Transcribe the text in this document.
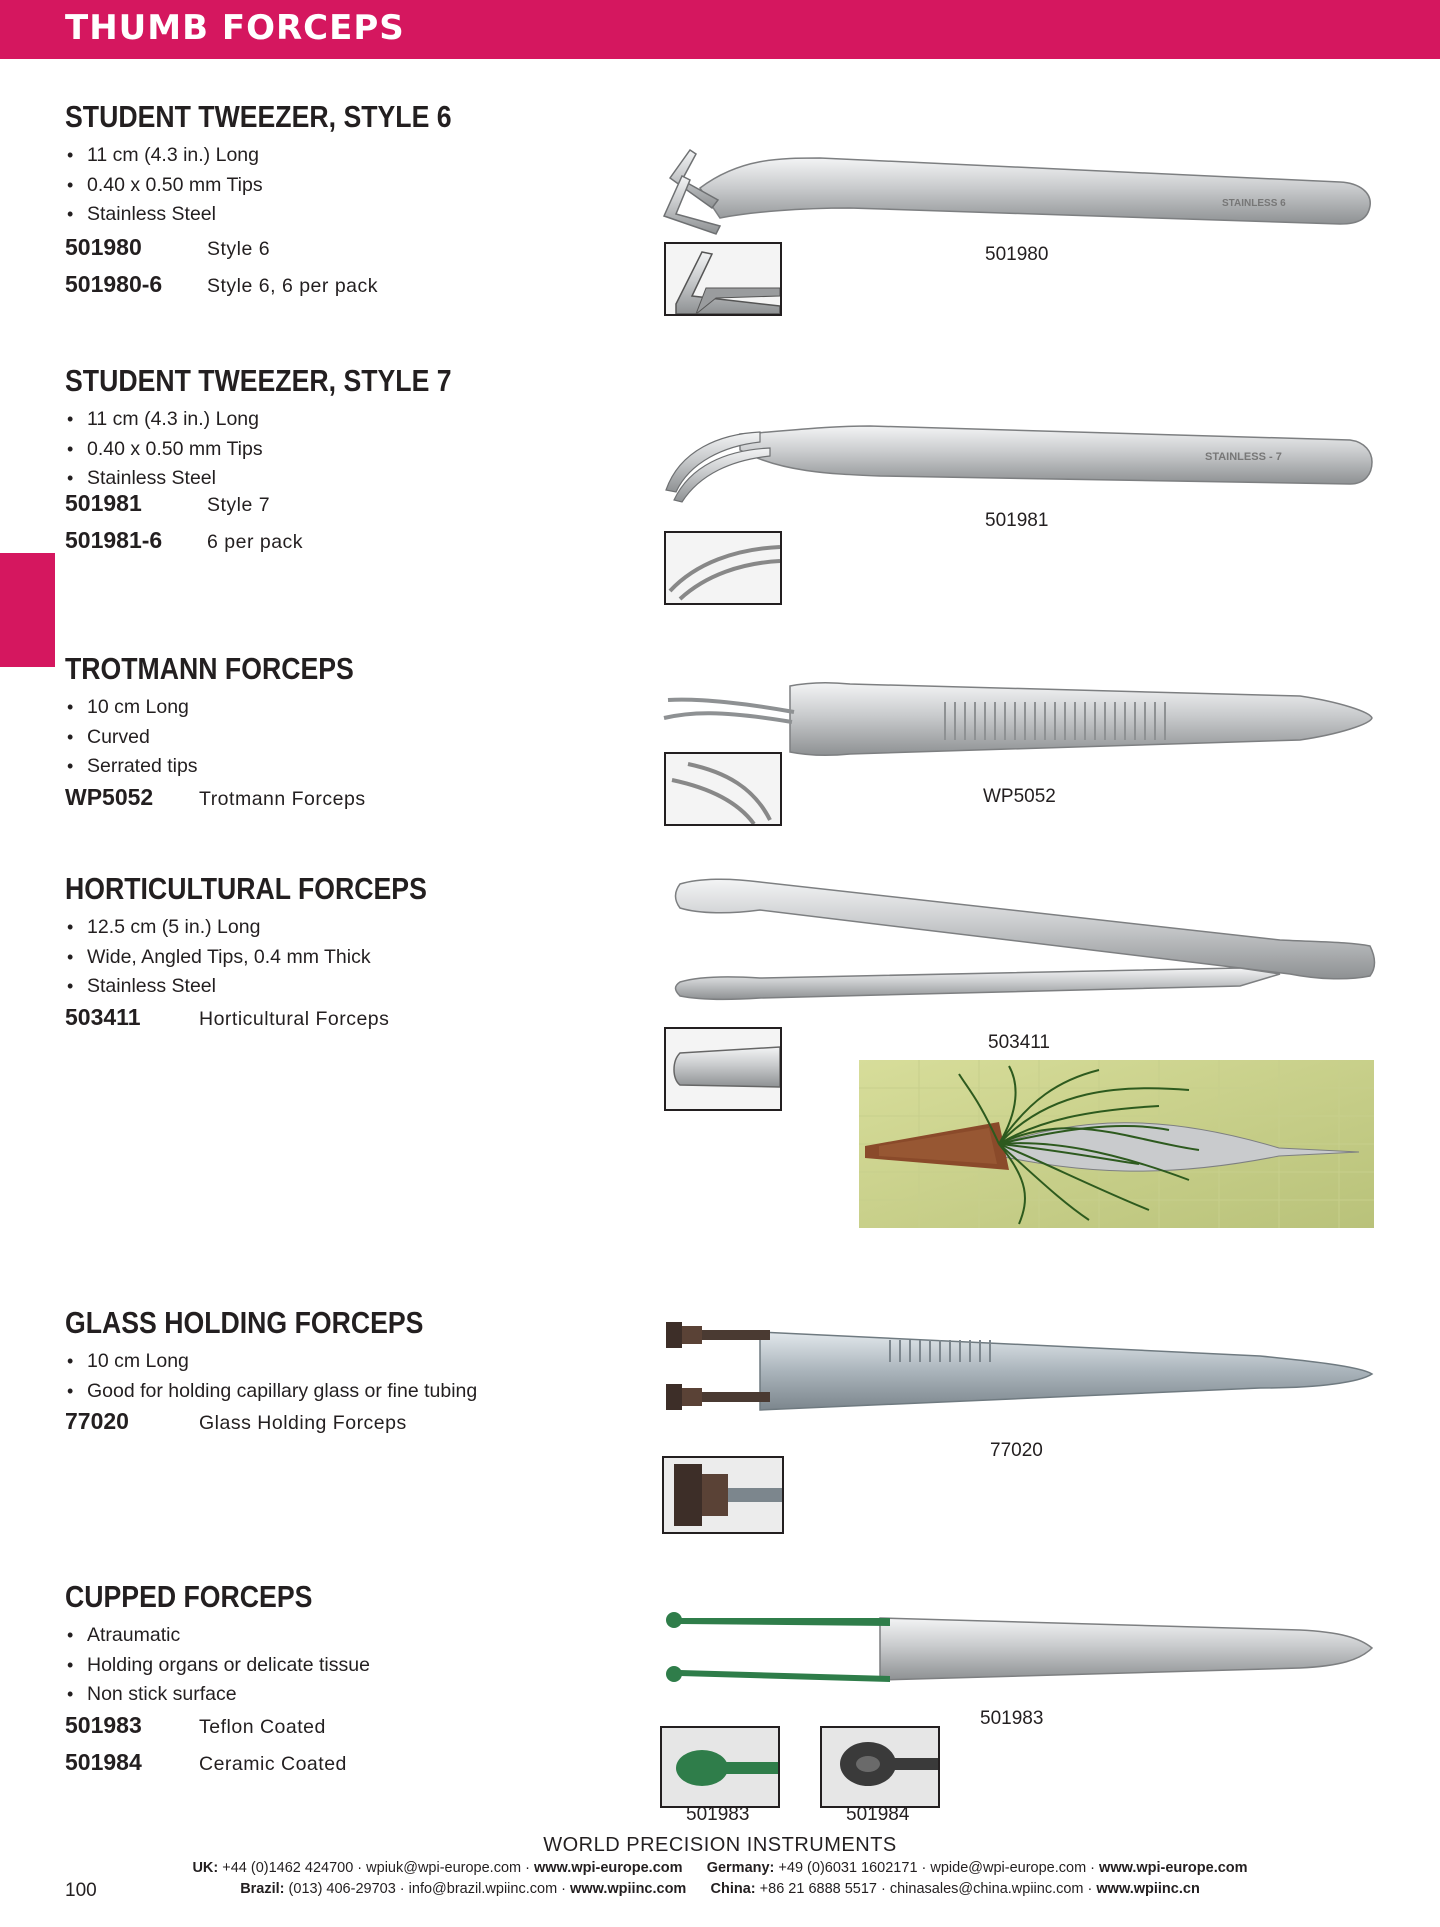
THUMB FORCEPS
STUDENT TWEEZER, STYLE 6
• 11 cm (4.3 in.) Long
• 0.40 x 0.50 mm Tips
• Stainless Steel
501980	Style 6
501980-6	Style 6, 6 per pack
STUDENT TWEEZER, STYLE 7
• 11 cm (4.3 in.) Long
• 0.40 x 0.50 mm Tips
• Stainless Steel
501981	Style 7
501981-6	6 per pack
TROTMANN FORCEPS
• 10 cm Long
• Curved
• Serrated tips
WP5052	Trotmann Forceps
HORTICULTURAL FORCEPS
• 12.5 cm (5 in.) Long
• Wide, Angled Tips, 0.4 mm Thick
• Stainless Steel
503411	Horticultural Forceps
GLASS HOLDING FORCEPS
• 10 cm Long
• Good for holding capillary glass or fine tubing
77020	Glass Holding Forceps
CUPPED FORCEPS
• Atraumatic
• Holding organs or delicate tissue
• Non stick surface
501983	Teflon Coated
501984	Ceramic Coated
STAINLESS 6
501980
STAINLESS - 7
501981
WP5052
503411
77020
501983
501983	501984
WORLD PRECISION INSTRUMENTS
UK: +44 (0)1462 424700 · wpiuk@wpi-europe.com · www.wpi-europe.com Germany: +49 (0)6031 1602171 · wpide@wpi-europe.com · www.wpi-europe.com
Brazil: (013) 406-29703 · info@brazil.wpiinc.com · www.wpiinc.com China: +86 21 6888 5517 · chinasales@china.wpiinc.com · www.wpiinc.cn
100
